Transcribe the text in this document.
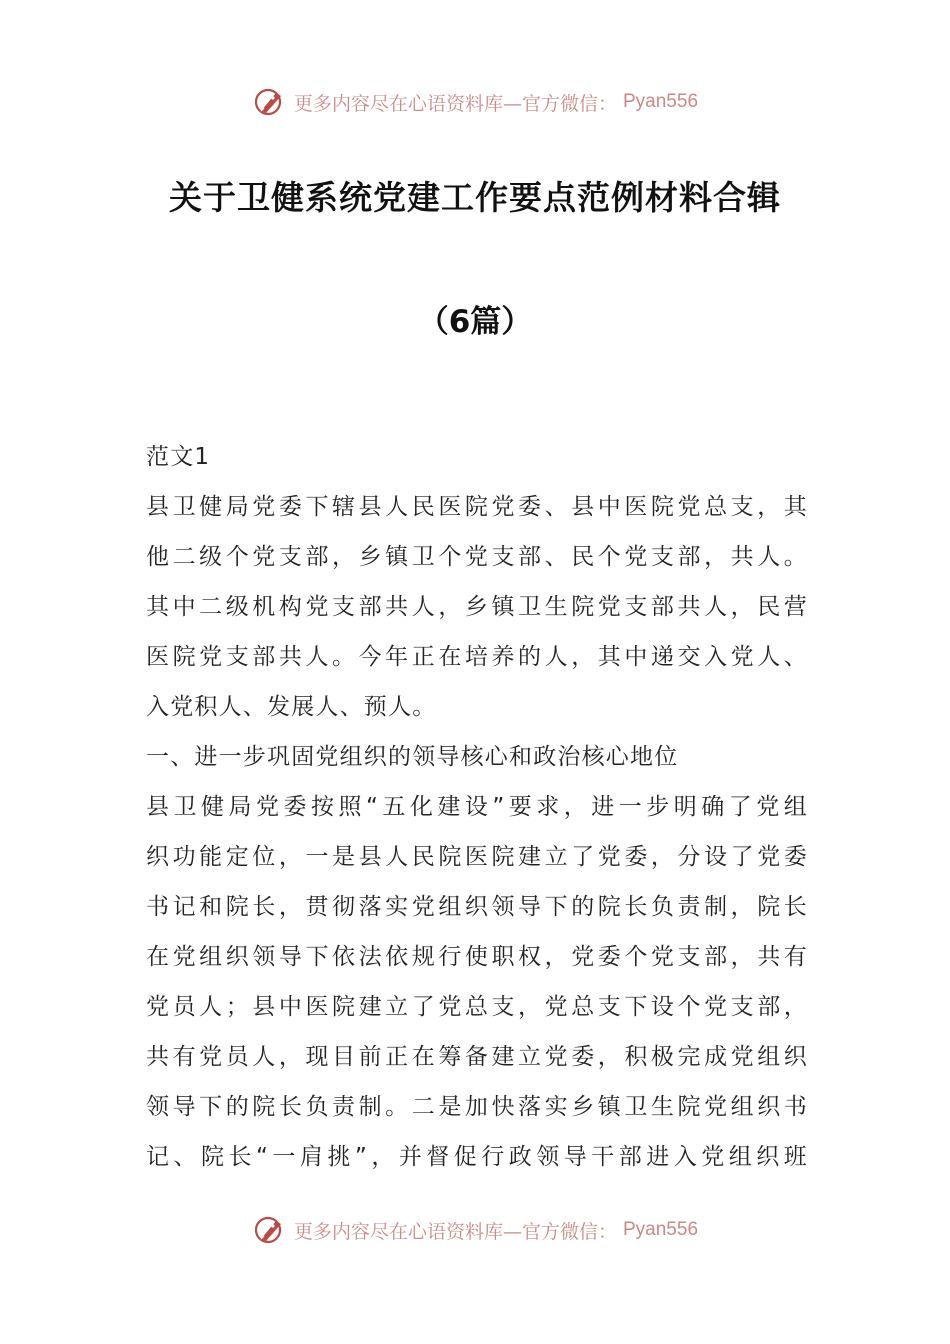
更多内容尽在心语资料库—官方微信： Pyan556
关于卫健系统党建工作要点范例材料合辑
（6篇）
范文1
县卫健局党委下辖县人民医院党委、县中医院党总支，其
他二级个党支部，乡镇卫个党支部、民个党支部，共人。
其中二级机构党支部共人，乡镇卫生院党支部共人，民营
医院党支部共人。今年正在培养的人，其中递交入党人、
入党积人、发展人、预人。
一、进一步巩固党组织的领导核心和政治核心地位
县卫健局党委按照“五化建设”要求，进一步明确了党组
织功能定位，一是县人民院医院建立了党委，分设了党委
书记和院长，贯彻落实党组织领导下的院长负责制，院长
在党组织领导下依法依规行使职权，党委个党支部，共有
党员人；县中医院建立了党总支，党总支下设个党支部，
共有党员人，现目前正在筹备建立党委，积极完成党组织
领导下的院长负责制。二是加快落实乡镇卫生院党组织书
记、院长“一肩挑”，并督促行政领导干部进入党组织班
更多内容尽在心语资料库—官方微信： Pyan556
